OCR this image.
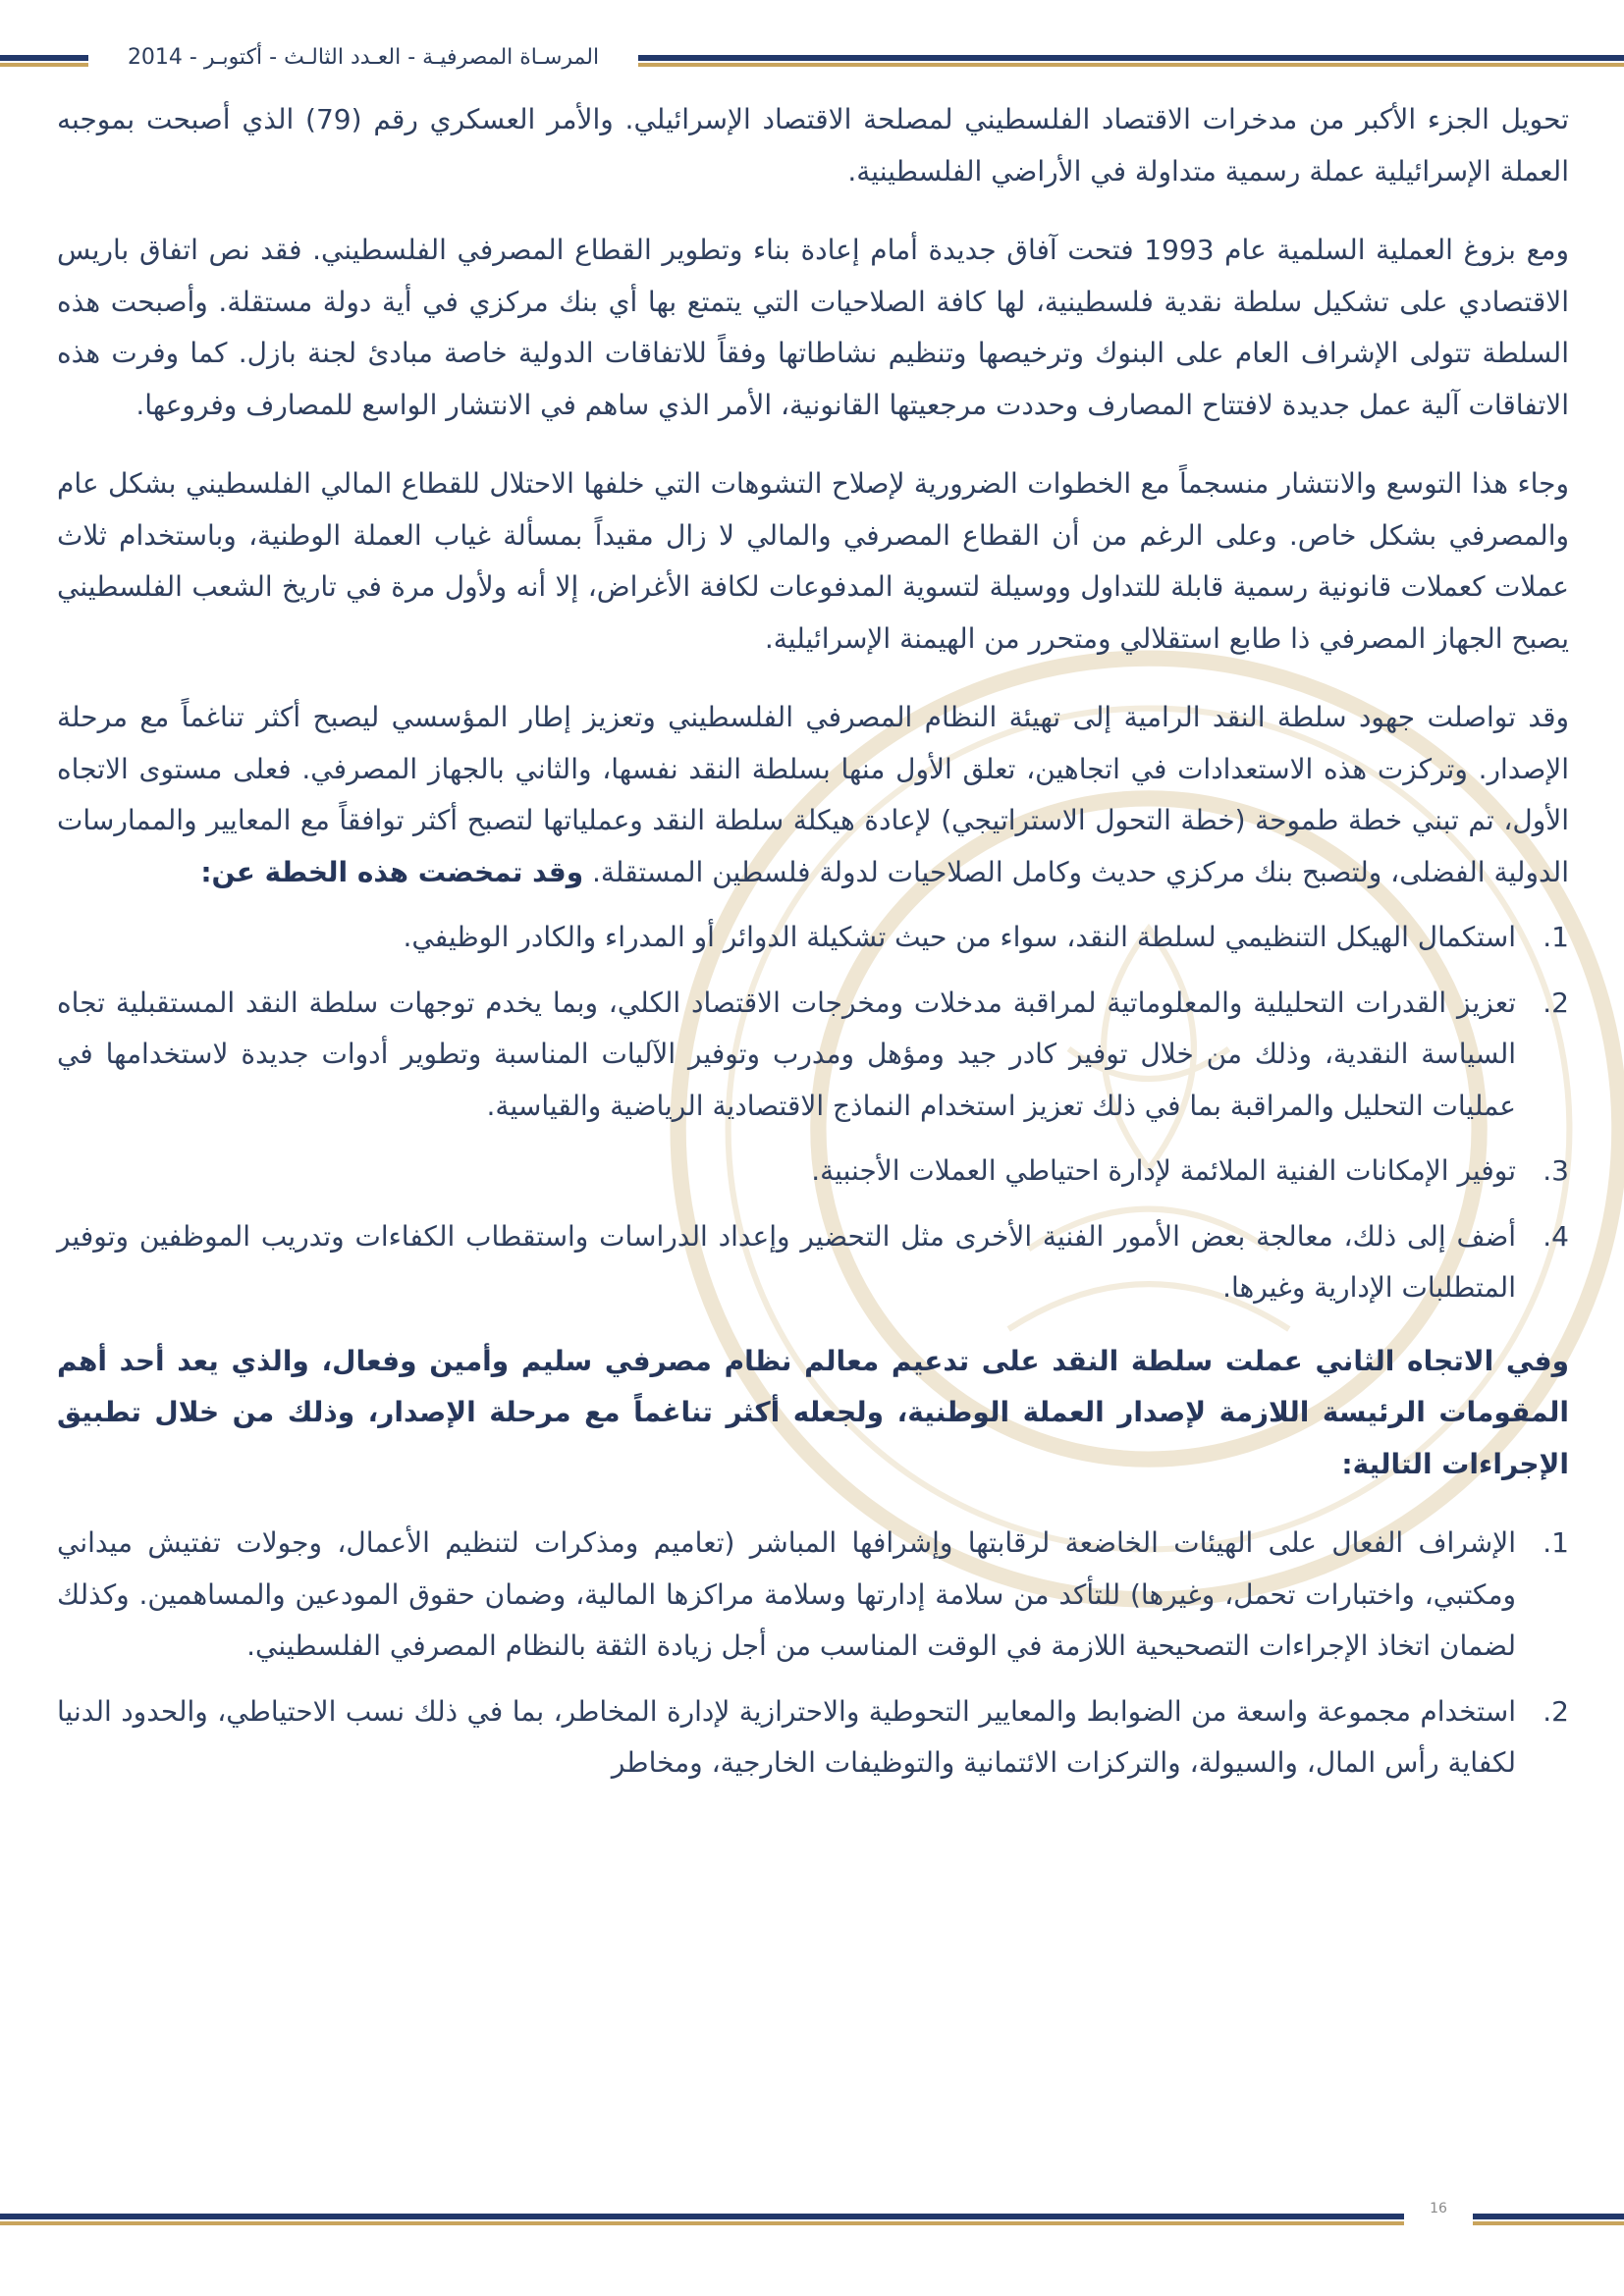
المرسـاة المصرفيـة - العـدد الثالـث - أكتوبـر - 2014

تحويل الجزء الأكبر من مدخرات الاقتصاد الفلسطيني لمصلحة الاقتصاد الإسرائيلي. والأمر العسكري رقم (79) الذي أصبحت بموجبه العملة الإسرائيلية عملة رسمية متداولة في الأراضي الفلسطينية.

ومع بزوغ العملية السلمية عام 1993 فتحت آفاق جديدة أمام إعادة بناء وتطوير القطاع المصرفي الفلسطيني. فقد نص اتفاق باريس الاقتصادي على تشكيل سلطة نقدية فلسطينية، لها كافة الصلاحيات التي يتمتع بها أي بنك مركزي في أية دولة مستقلة. وأصبحت هذه السلطة تتولى الإشراف العام على البنوك وترخيصها وتنظيم نشاطاتها وفقاً للاتفاقات الدولية خاصة مبادئ لجنة بازل. كما وفرت هذه الاتفاقات آلية عمل جديدة لافتتاح المصارف وحددت مرجعيتها القانونية، الأمر الذي ساهم في الانتشار الواسع للمصارف وفروعها.

وجاء هذا التوسع والانتشار منسجماً مع الخطوات الضرورية لإصلاح التشوهات التي خلفها الاحتلال للقطاع المالي الفلسطيني بشكل عام والمصرفي بشكل خاص. وعلى الرغم من أن القطاع المصرفي والمالي لا زال مقيداً بمسألة غياب العملة الوطنية، وباستخدام ثلاث عملات كعملات قانونية رسمية قابلة للتداول ووسيلة لتسوية المدفوعات لكافة الأغراض، إلا أنه ولأول مرة في تاريخ الشعب الفلسطيني يصبح الجهاز المصرفي ذا طابع استقلالي ومتحرر من الهيمنة الإسرائيلية.

وقد تواصلت جهود سلطة النقد الرامية إلى تهيئة النظام المصرفي الفلسطيني وتعزيز إطار المؤسسي ليصبح أكثر تناغماً مع مرحلة الإصدار. وتركزت هذه الاستعدادات في اتجاهين، تعلق الأول منها بسلطة النقد نفسها، والثاني بالجهاز المصرفي. فعلى مستوى الاتجاه الأول، تم تبني خطة طموحة (خطة التحول الاستراتيجي) لإعادة هيكلة سلطة النقد وعملياتها لتصبح أكثر توافقاً مع المعايير والممارسات الدولية الفضلى، ولتصبح بنك مركزي حديث وكامل الصلاحيات لدولة فلسطين المستقلة. وقد تمخضت هذه الخطة عن:

1.
استكمال الهيكل التنظيمي لسلطة النقد، سواء من حيث تشكيلة الدوائر أو المدراء والكادر الوظيفي.
2.
تعزيز القدرات التحليلية والمعلوماتية لمراقبة مدخلات ومخرجات الاقتصاد الكلي، وبما يخدم توجهات سلطة النقد المستقبلية تجاه السياسة النقدية، وذلك من خلال توفير كادر جيد ومؤهل ومدرب وتوفير الآليات المناسبة وتطوير أدوات جديدة لاستخدامها في عمليات التحليل والمراقبة بما في ذلك تعزيز استخدام النماذج الاقتصادية الرياضية والقياسية.
3.
توفير الإمكانات الفنية الملائمة لإدارة احتياطي العملات الأجنبية.
4.
أضف إلى ذلك، معالجة بعض الأمور الفنية الأخرى مثل التحضير وإعداد الدراسات واستقطاب الكفاءات وتدريب الموظفين وتوفير المتطلبات الإدارية وغيرها.

وفي الاتجاه الثاني عملت سلطة النقد على تدعيم معالم نظام مصرفي سليم وأمين وفعال، والذي يعد أحد أهم المقومات الرئيسة اللازمة لإصدار العملة الوطنية، ولجعله أكثر تناغماً مع مرحلة الإصدار، وذلك من خلال تطبيق الإجراءات التالية:

1.
الإشراف الفعال على الهيئات الخاضعة لرقابتها وإشرافها المباشر (تعاميم ومذكرات لتنظيم الأعمال، وجولات تفتيش ميداني ومكتبي، واختبارات تحمل، وغيرها) للتأكد من سلامة إدارتها وسلامة مراكزها المالية، وضمان حقوق المودعين والمساهمين. وكذلك لضمان اتخاذ الإجراءات التصحيحية اللازمة في الوقت المناسب من أجل زيادة الثقة بالنظام المصرفي الفلسطيني.
2.
استخدام مجموعة واسعة من الضوابط والمعايير التحوطية والاحترازية لإدارة المخاطر، بما في ذلك نسب الاحتياطي، والحدود الدنيا لكفاية رأس المال، والسيولة، والتركزات الائتمانية والتوظيفات الخارجية، ومخاطر
16
